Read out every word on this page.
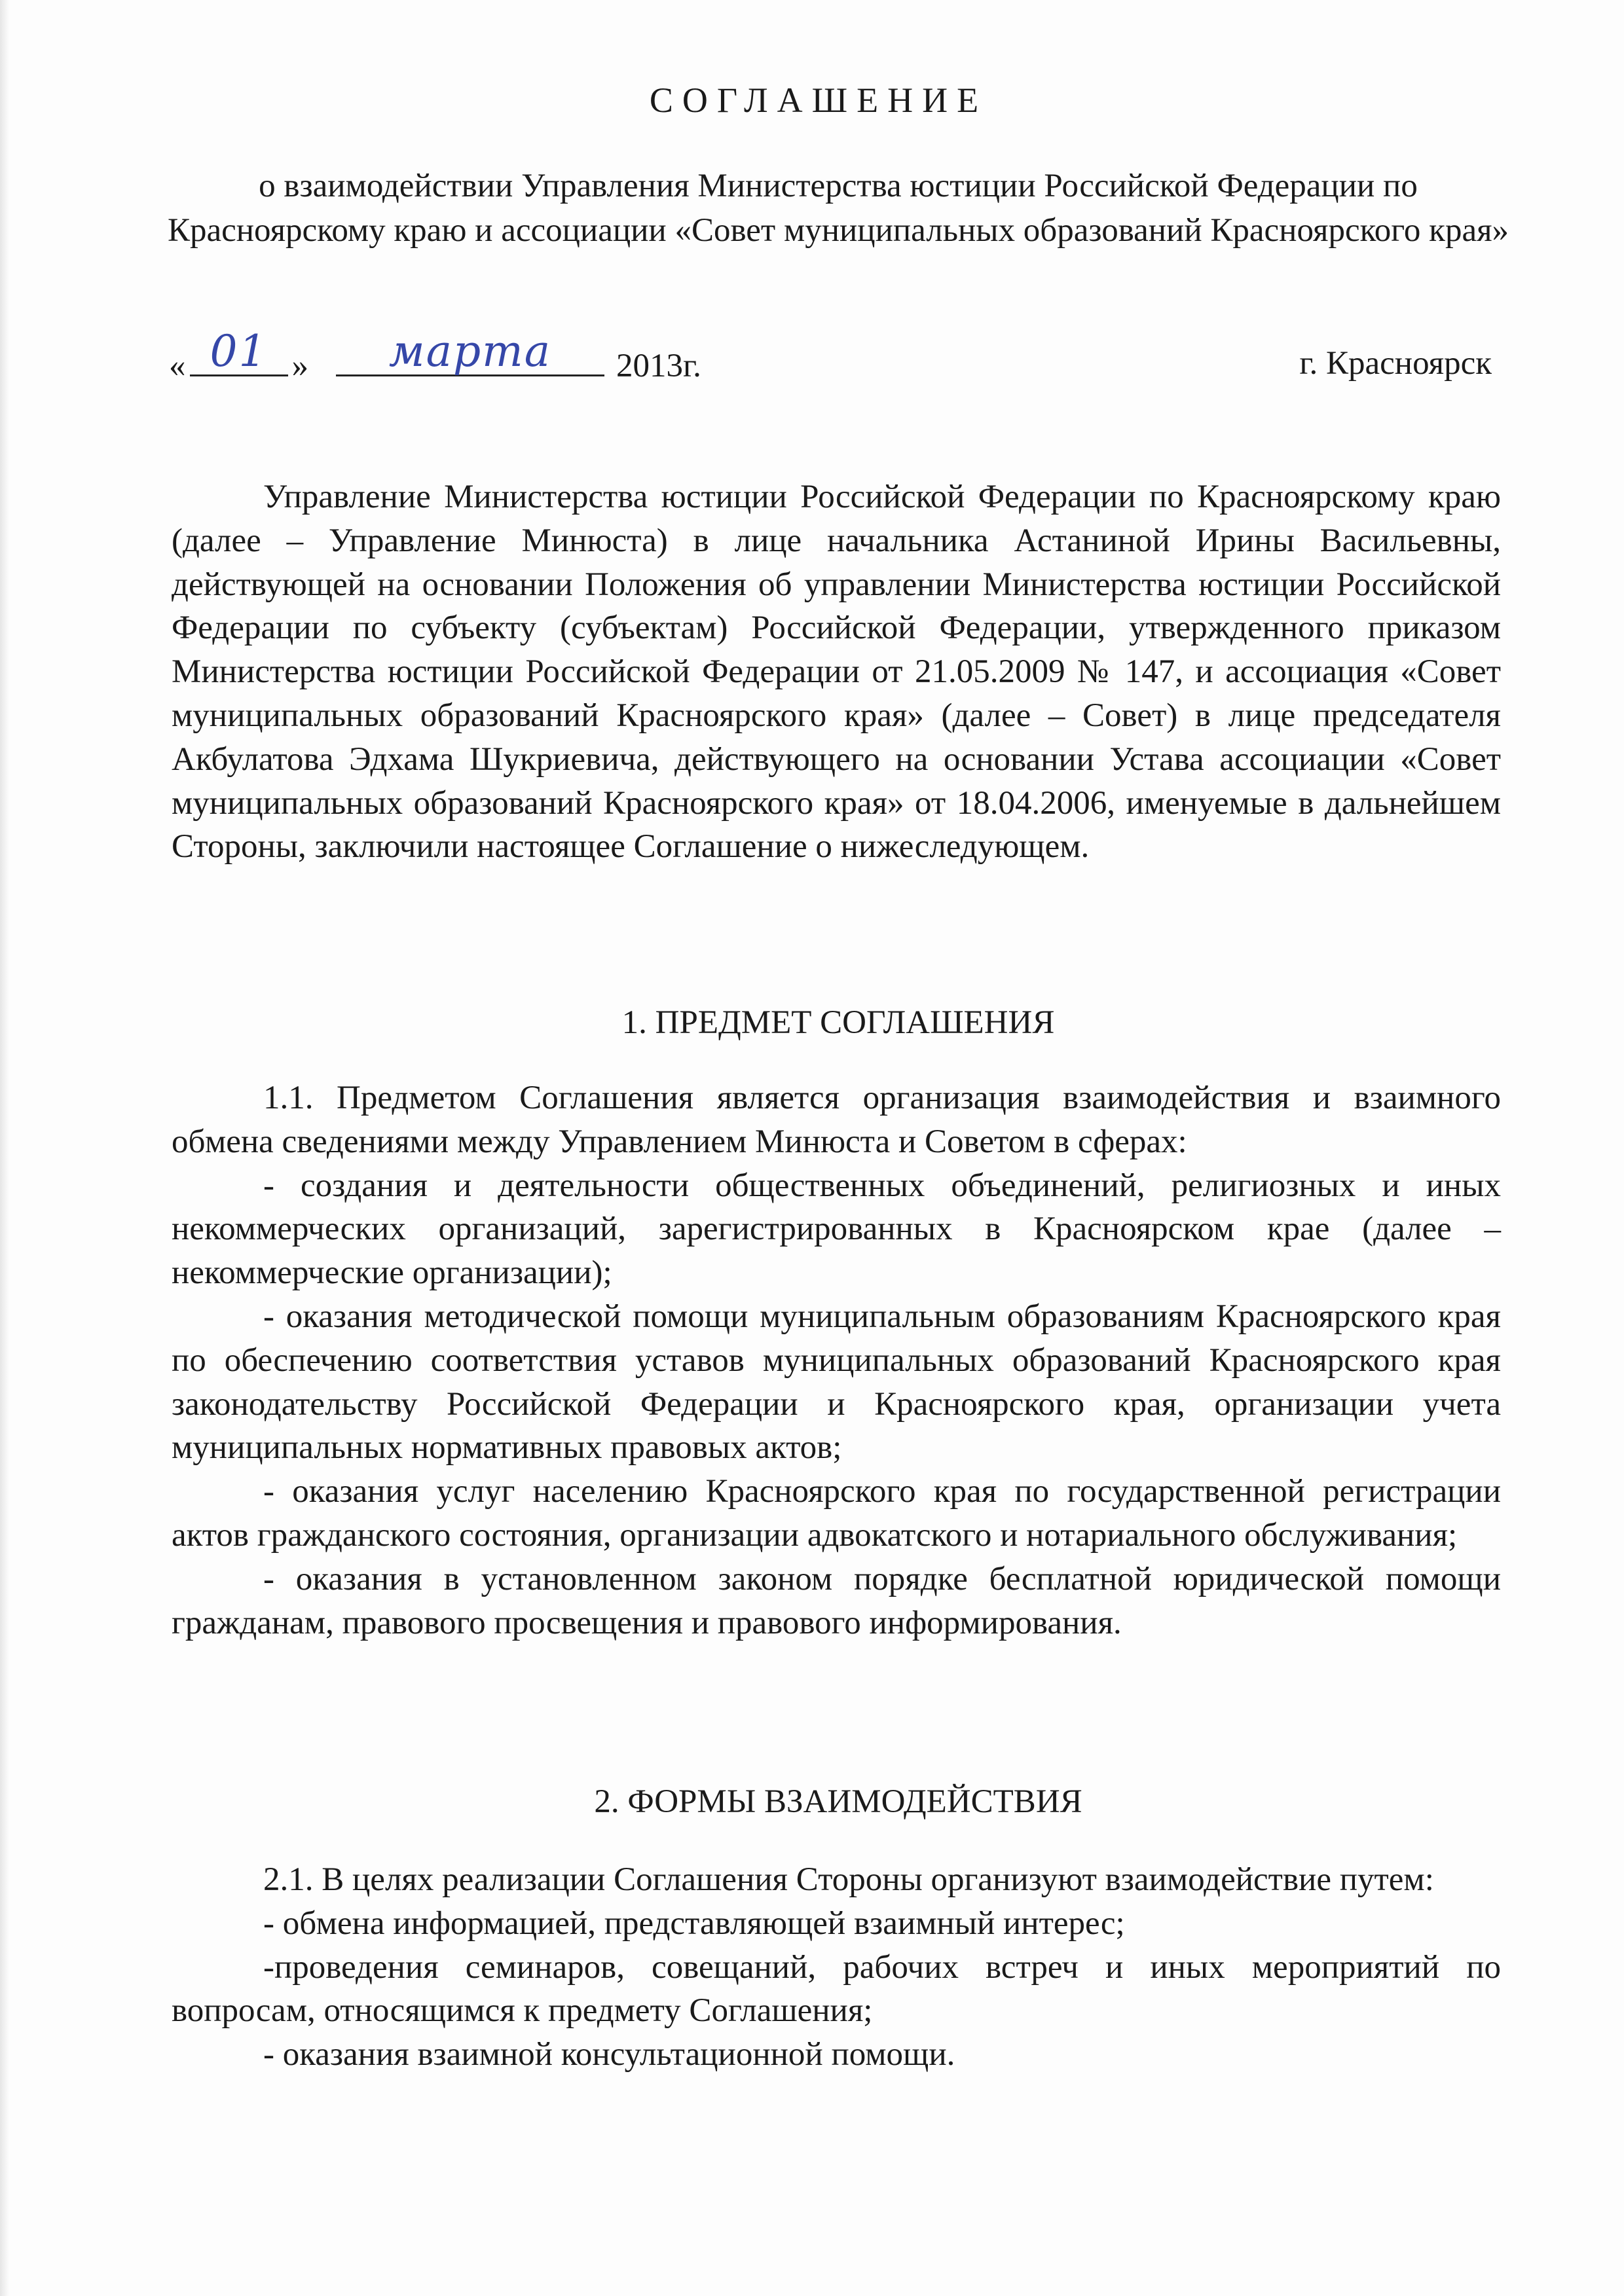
СОГЛАШЕНИЕ
о взаимодействии Управления Министерства юстиции Российской Федерации по Красноярскому краю и ассоциации «Совет муниципальных образований Красноярского края»
« 01 »	марта	2013г.	г. Красноярск

Управление Министерства юстиции Российской Федерации по Красноярскому краю (далее – Управление Минюста) в лице начальника Астаниной Ирины Васильевны, действующей на основании Положения об управлении Министерства юстиции Российской Федерации по субъекту (субъектам) Российской Федерации, утвержденного приказом Министерства юстиции Российской Федерации от 21.05.2009 № 147, и ассоциация «Совет муниципальных образований Красноярского края» (далее – Совет) в лице председателя Акбулатова Эдхама Шукриевича, действующего на основании Устава ассоциации «Совет муниципальных образований Красноярского края» от 18.04.2006, именуемые в дальнейшем Стороны, заключили настоящее Соглашение о нижеследующем.

1. ПРЕДМЕТ СОГЛАШЕНИЯ

1.1. Предметом Соглашения является организация взаимодействия и взаимного обмена сведениями между Управлением Минюста и Советом в сферах:

- создания и деятельности общественных объединений, религиозных и иных некоммерческих организаций, зарегистрированных в Красноярском крае (далее – некоммерческие организации);

- оказания методической помощи муниципальным образованиям Красноярского края по обеспечению соответствия уставов муниципальных образований Красноярского края законодательству Российской Федерации и Красноярского края, организации учета муниципальных нормативных правовых актов;

- оказания услуг населению Красноярского края по государственной регистрации актов гражданского состояния, организации адвокатского и нотариального обслуживания;

- оказания в установленном законом порядке бесплатной юридической помощи гражданам, правового просвещения и правового информирования.

2. ФОРМЫ ВЗАИМОДЕЙСТВИЯ

2.1. В целях реализации Соглашения Стороны организуют взаимодействие путем:

- обмена информацией, представляющей взаимный интерес;

-проведения семинаров, совещаний, рабочих встреч и иных мероприятий по вопросам, относящимся к предмету Соглашения;

- оказания взаимной консультационной помощи.
